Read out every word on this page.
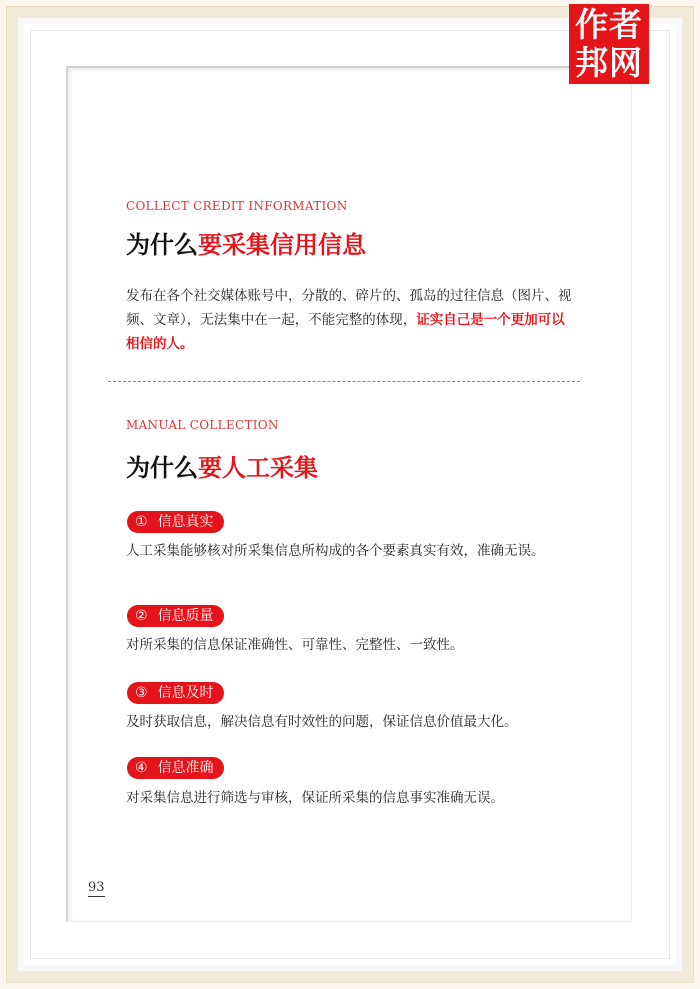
作者
邦网
COLLECT CREDIT INFORMATION
为什么要采集信用信息
发布在各个社交媒体账号中，分散的、碎片的、孤岛的过往信息（图片、视频、文章），无法集中在一起，不能完整的体现，证实自己是一个更加可以相信的人。
MANUAL COLLECTION
为什么要人工采集
① 信息真实
人工采集能够核对所采集信息所构成的各个要素真实有效，准确无误。
② 信息质量
对所采集的信息保证准确性、可靠性、完整性、一致性。
③ 信息及时
及时获取信息，解决信息有时效性的问题，保证信息价值最大化。
④ 信息准确
对采集信息进行筛选与审核，保证所采集的信息事实准确无误。
93
